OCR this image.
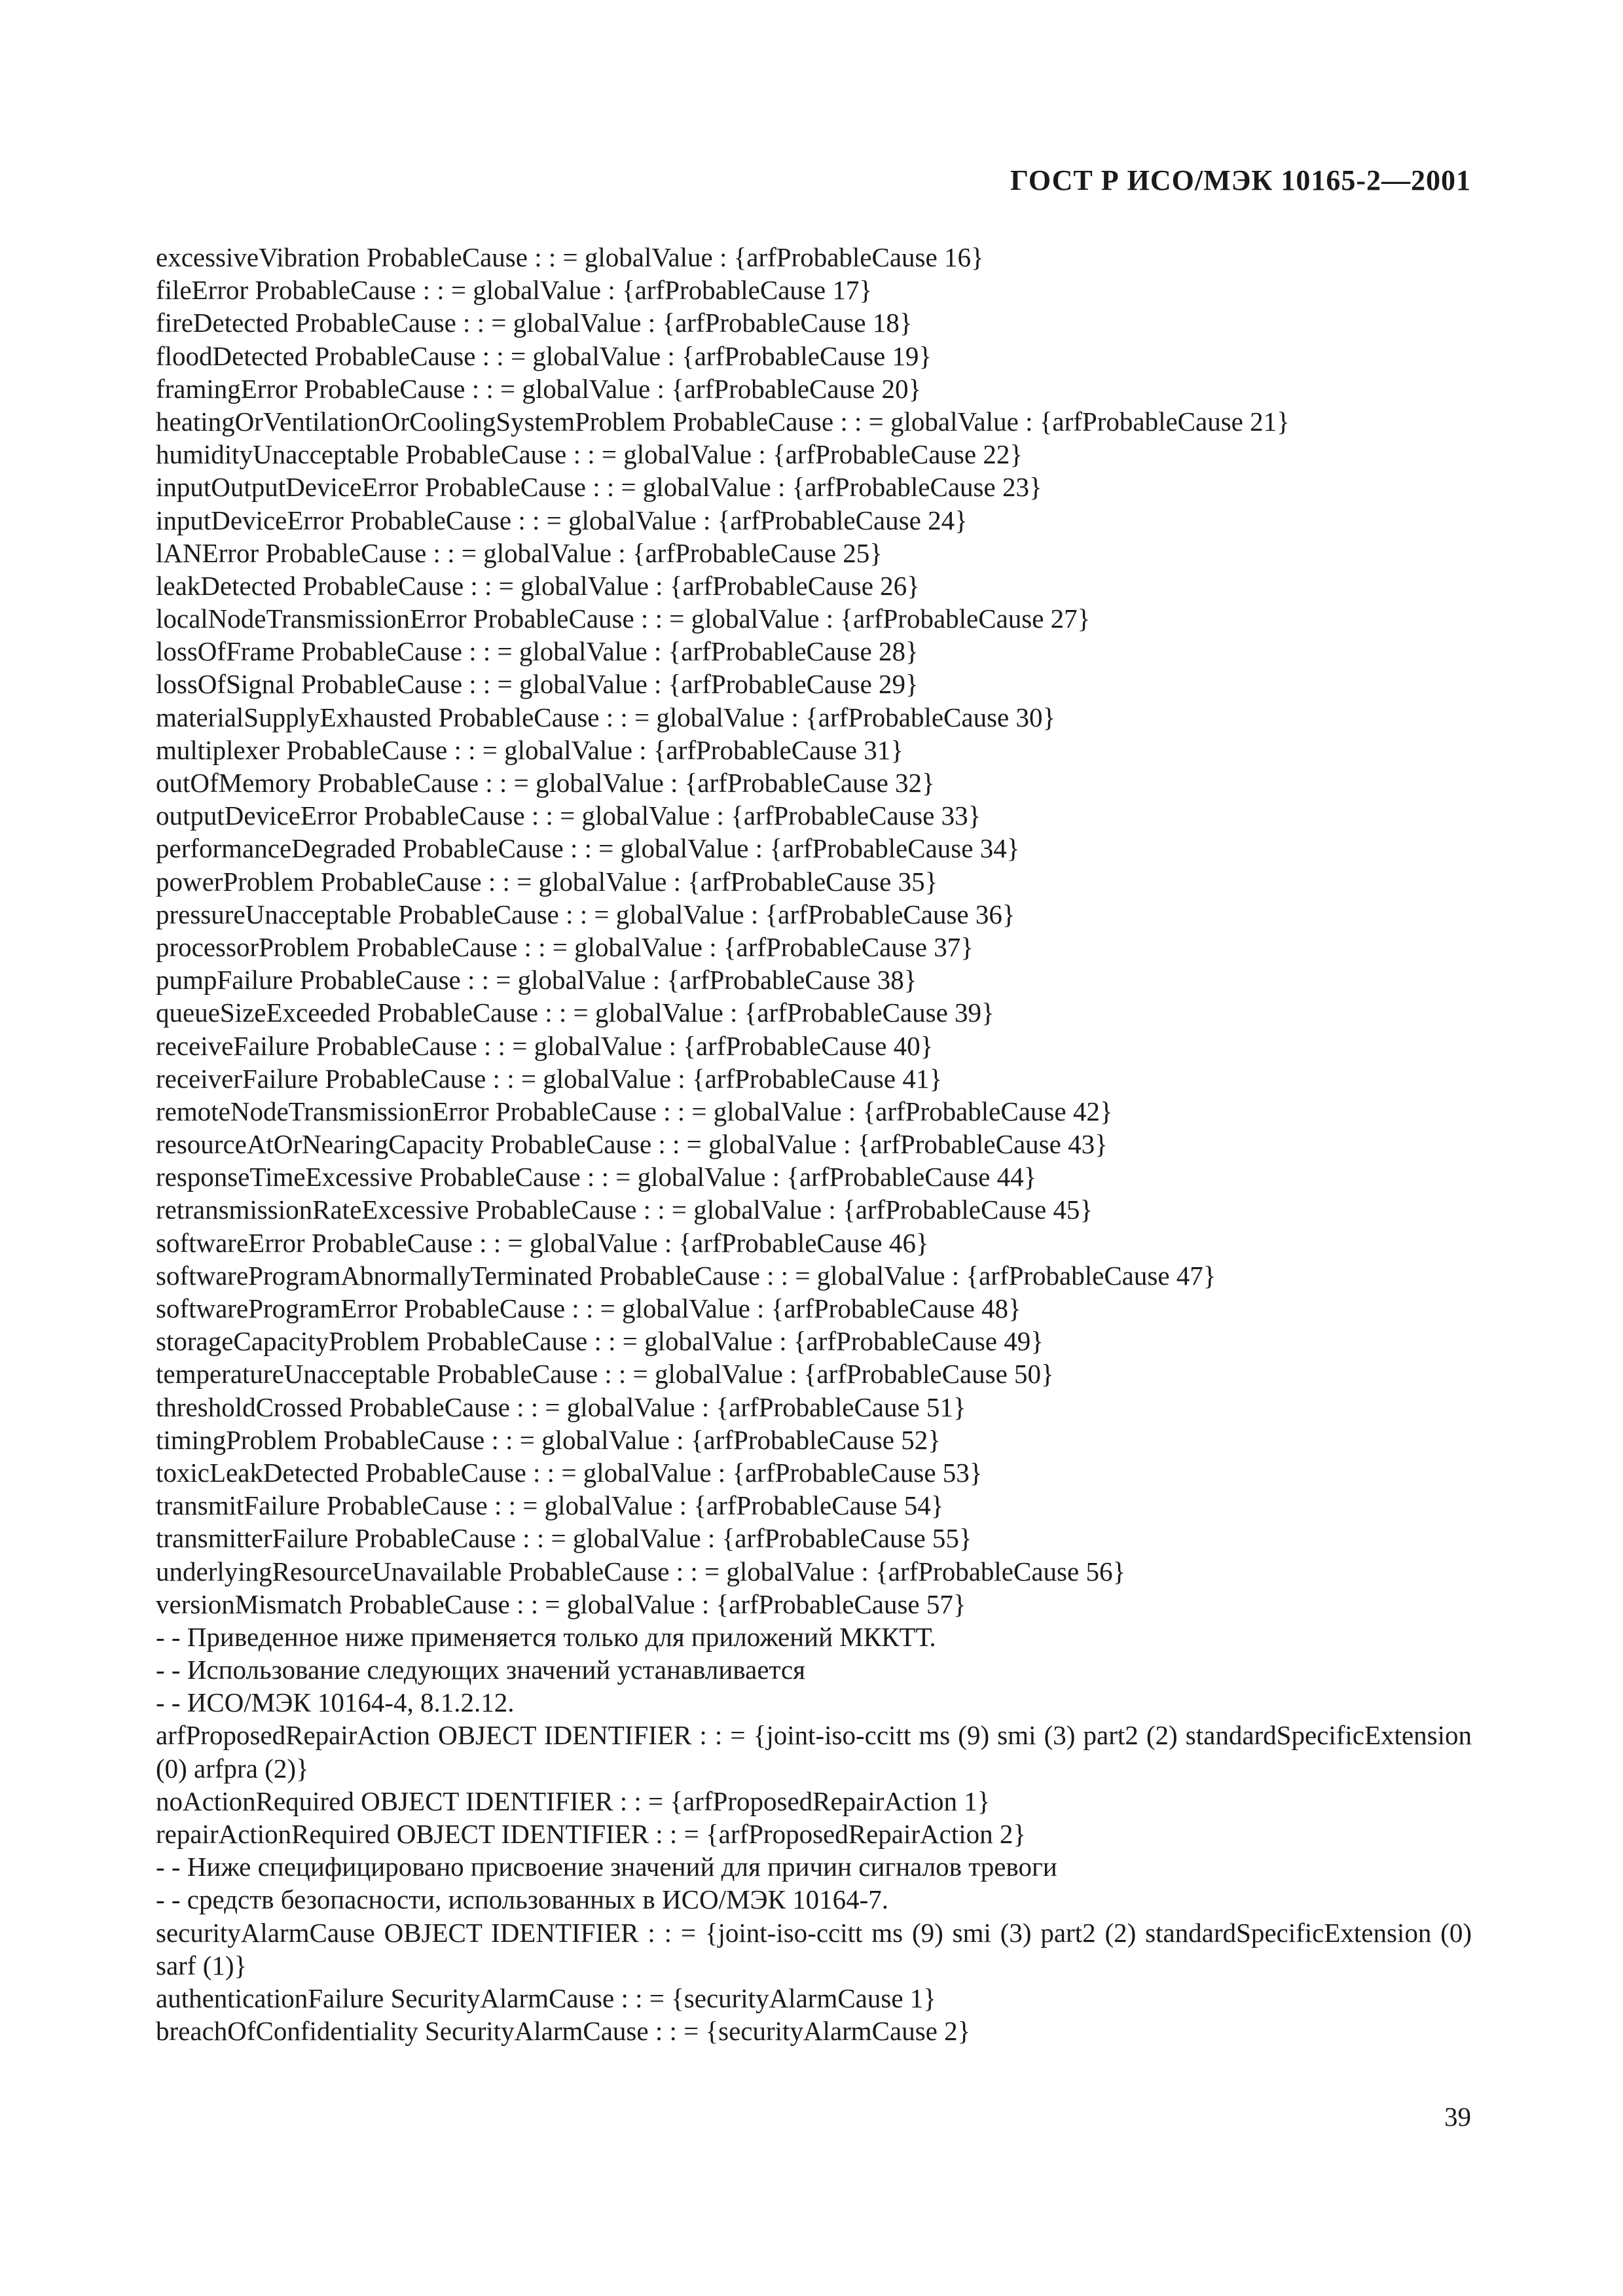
ГОСТ Р ИСО/МЭК 10165-2—2001
excessiveVibration ProbableCause : : = globalValue : {arfProbableCause 16}
fileError ProbableCause : : = globalValue : {arfProbableCause 17}
fireDetected ProbableCause : : = globalValue : {arfProbableCause 18}
floodDetected ProbableCause : : = globalValue : {arfProbableCause 19}
framingError ProbableCause : : = globalValue : {arfProbableCause 20}
heatingOrVentilationOrCoolingSystemProblem ProbableCause : : = globalValue : {arfProbableCause 21}
humidityUnacceptable ProbableCause : : = globalValue : {arfProbableCause 22}
inputOutputDeviceError ProbableCause : : = globalValue : {arfProbableCause 23}
inputDeviceError ProbableCause : : = globalValue : {arfProbableCause 24}
lANError ProbableCause : : = globalValue : {arfProbableCause 25}
leakDetected ProbableCause : : = globalValue : {arfProbableCause 26}
localNodeTransmissionError ProbableCause : : = globalValue : {arfProbableCause 27}
lossOfFrame ProbableCause : : = globalValue : {arfProbableCause 28}
lossOfSignal ProbableCause : : = globalValue : {arfProbableCause 29}
materialSupplyExhausted ProbableCause : : = globalValue : {arfProbableCause 30}
multiplexer ProbableCause : : = globalValue : {arfProbableCause 31}
outOfMemory ProbableCause : : = globalValue : {arfProbableCause 32}
outputDeviceError ProbableCause : : = globalValue : {arfProbableCause 33}
performanceDegraded ProbableCause : : = globalValue : {arfProbableCause 34}
powerProblem ProbableCause : : = globalValue : {arfProbableCause 35}
pressureUnacceptable ProbableCause : : = globalValue : {arfProbableCause 36}
processorProblem ProbableCause : : = globalValue : {arfProbableCause 37}
pumpFailure ProbableCause : : = globalValue : {arfProbableCause 38}
queueSizeExceeded ProbableCause : : = globalValue : {arfProbableCause 39}
receiveFailure ProbableCause : : = globalValue : {arfProbableCause 40}
receiverFailure ProbableCause : : = globalValue : {arfProbableCause 41}
remoteNodeTransmissionError ProbableCause : : = globalValue : {arfProbableCause 42}
resourceAtOrNearingCapacity ProbableCause : : = globalValue : {arfProbableCause 43}
responseTimeExcessive ProbableCause : : = globalValue : {arfProbableCause 44}
retransmissionRateExcessive ProbableCause : : = globalValue : {arfProbableCause 45}
softwareError ProbableCause : : = globalValue : {arfProbableCause 46}
softwareProgramAbnormallyTerminated ProbableCause : : = globalValue : {arfProbableCause 47}
softwareProgramError ProbableCause : : = globalValue : {arfProbableCause 48}
storageCapacityProblem ProbableCause : : = globalValue : {arfProbableCause 49}
temperatureUnacceptable ProbableCause : : = globalValue : {arfProbableCause 50}
thresholdCrossed ProbableCause : : = globalValue : {arfProbableCause 51}
timingProblem ProbableCause : : = globalValue : {arfProbableCause 52}
toxicLeakDetected ProbableCause : : = globalValue : {arfProbableCause 53}
transmitFailure ProbableCause : : = globalValue : {arfProbableCause 54}
transmitterFailure ProbableCause : : = globalValue : {arfProbableCause 55}
underlyingResourceUnavailable ProbableCause : : = globalValue : {arfProbableCause 56}
versionMismatch ProbableCause : : = globalValue : {arfProbableCause 57}
- - Приведенное ниже применяется только для приложений МККТТ.
- - Использование следующих значений устанавливается
- - ИСО/МЭК 10164-4, 8.1.2.12.
arfProposedRepairAction OBJECT IDENTIFIER : : = {joint-iso-ccitt ms (9) smi (3) part2 (2) standardSpecificExtension (0) arfpra (2)}
noActionRequired OBJECT IDENTIFIER : : = {arfProposedRepairAction 1}
repairActionRequired OBJECT IDENTIFIER : : = {arfProposedRepairAction 2}
- - Ниже специфицировано присвоение значений для причин сигналов тревоги
- - средств безопасности, использованных в ИСО/МЭК 10164-7.
securityAlarmCause OBJECT IDENTIFIER : : = {joint-iso-ccitt ms (9) smi (3) part2 (2) standardSpecificExtension (0) sarf (1)}
authenticationFailure SecurityAlarmCause : : = {securityAlarmCause 1}
breachOfConfidentiality SecurityAlarmCause : : = {securityAlarmCause 2}
39
